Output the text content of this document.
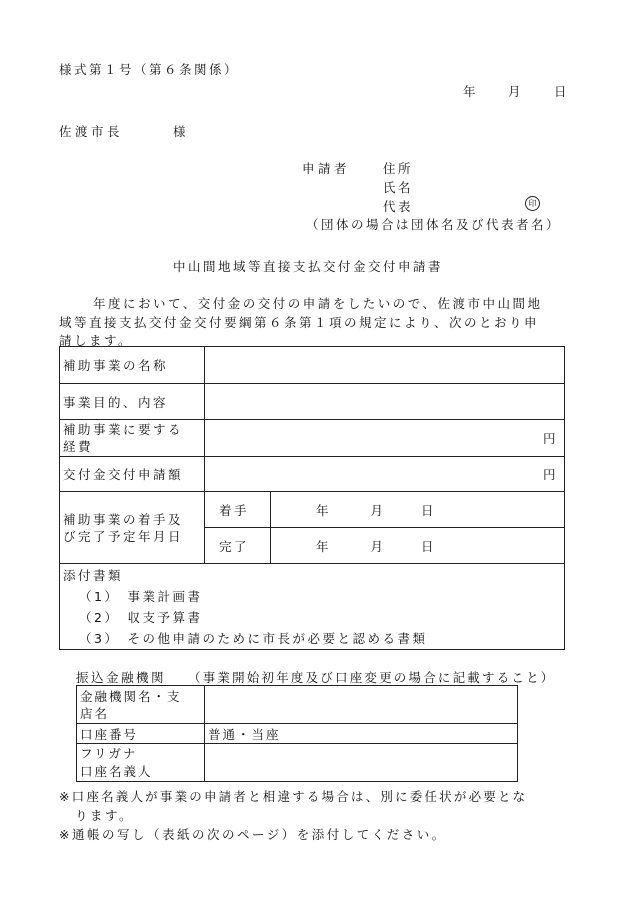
様式第１号（第６条関係）
年	月	日
佐渡市長	様
申請者	住所
氏名
代表	印
（団体の場合は団体名及び代表者名）
中山間地域等直接支払交付金交付申請書
年度において、交付金の交付の申請をしたいので、佐渡市中山間地
域等直接支払交付金交付要綱第６条第１項の規定により、次のとおり申
請します。
補助事業の名称		
事業目的、内容		

補助事業に要する
経費	円	
交付金交付申請額	円	

補助事業の着手及
び完了予定年月日	着手	年 月 日
	完了	年 月 日

添付書類
（1） 事業計画書
（2） 収支予算書
（3） その他申請のために市長が必要と認める書類		
振込金融機関 （事業開始初年度及び口座変更の場合に記載すること）
金融機関名・支
店名	

口座番号	普通・当座

フリガナ
口座名義人	

※口座名義人が事業の申請者と相違する場合は、別に委任状が必要とな
ります。
※通帳の写し（表紙の次のページ）を添付してください。
